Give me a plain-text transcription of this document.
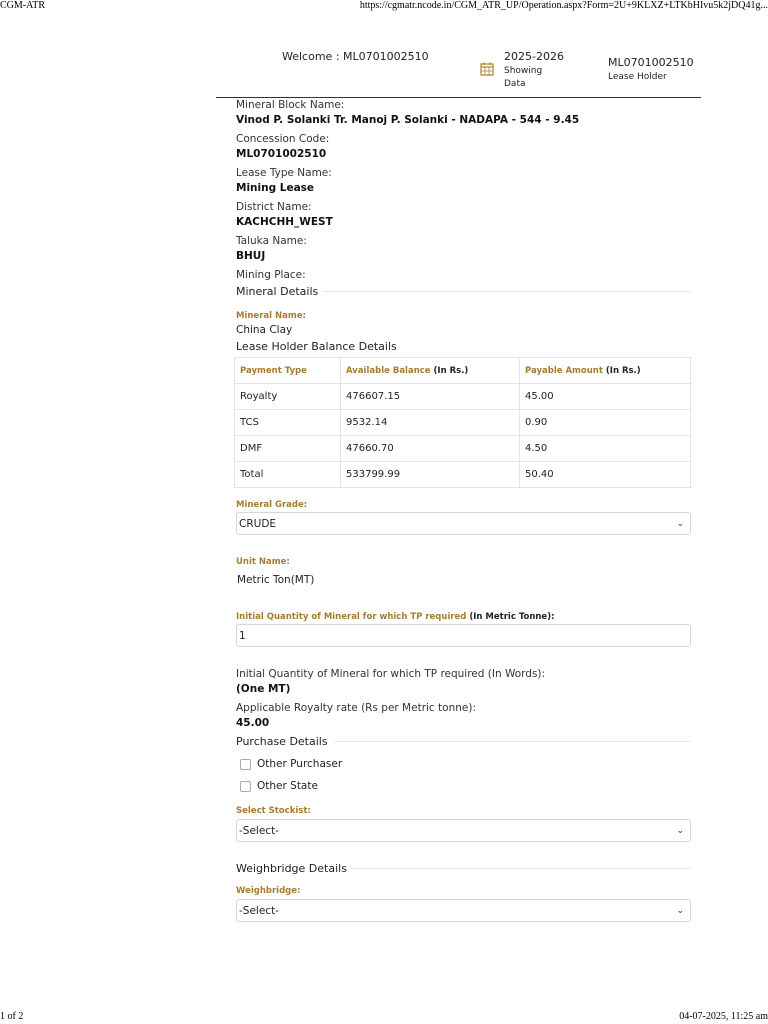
CGM-ATR	https://cgmatr.ncode.in/CGM_ATR_UP/Operation.aspx?Form=2U+9KLXZ+LTKbHIvu5k2jDQ41g...
1 of 2	04-07-2025, 11:25 am
Welcome : ML0701002510	2025-2026
Showing Data
ML0701002510
Lease Holder
Mineral Block Name:
Vinod P. Solanki Tr. Manoj P. Solanki - NADAPA - 544 - 9.45
Concession Code:
ML0701002510
Lease Type Name:
Mining Lease
District Name:
KACHCHH_WEST
Taluka Name:
BHUJ
Mining Place:
Mineral Details
Mineral Name:
China Clay
Lease Holder Balance Details
Payment Type	Available Balance (In Rs.)	Payable Amount (In Rs.)
Royalty	476607.15	45.00
TCS	9532.14	0.90
DMF	47660.70	4.50
Total	533799.99	50.40
Mineral Grade:
CRUDE	⌄
Unit Name:
Metric Ton(MT)
Initial Quantity of Mineral for which TP required (In Metric Tonne):
1
Initial Quantity of Mineral for which TP required (In Words):
(One MT)
Applicable Royalty rate (Rs per Metric tonne):
45.00
Purchase Details
Other Purchaser
Other State
Select Stockist:
-Select-	⌄
Weighbridge Details
Weighbridge:
-Select-	⌄
